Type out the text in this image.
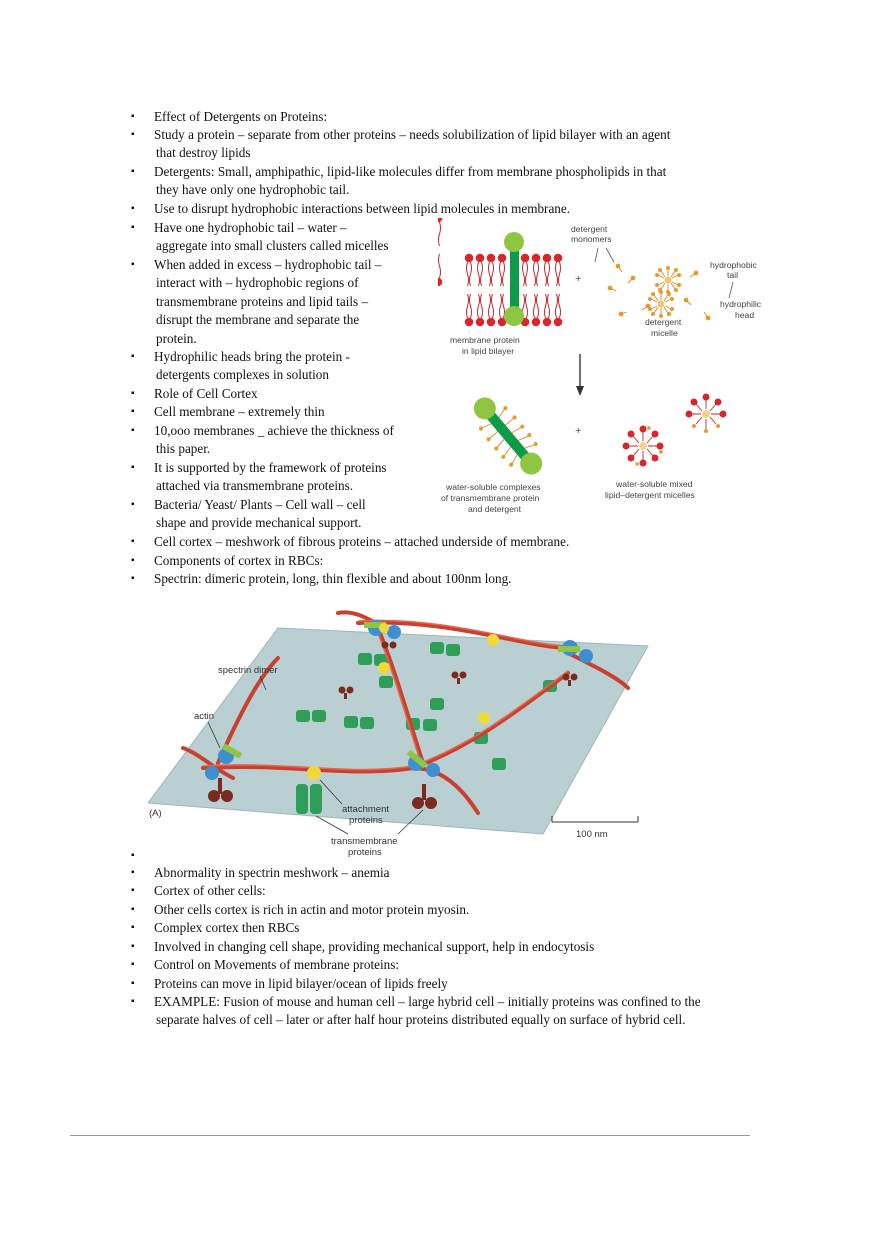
▪	Effect of Detergents on Proteins:
▪	Study a protein – separate from other proteins – needs solubilization of lipid bilayer with an agent
that destroy lipids
▪	Detergents: Small, amphipathic, lipid-like molecules differ from membrane phospholipids in that
they have only one hydrophobic tail.
▪	Use to disrupt hydrophobic interactions between lipid molecules in membrane.
▪	Have one hydrophobic tail – water –
aggregate into small clusters called micelles
▪	When added in excess – hydrophobic tail –
interact with – hydrophobic regions of
transmembrane proteins and lipid tails –
disrupt the membrane and separate the
protein.
▪	Hydrophilic heads bring the protein -
detergents complexes in solution
▪	Role of Cell Cortex
▪	Cell membrane – extremely thin
▪	10,ooo membranes _ achieve the thickness of
this paper.
▪	It is supported by the framework of proteins
attached via transmembrane proteins.
▪	Bacteria/ Yeast/ Plants – Cell wall – cell
shape and provide mechanical support.
▪	Cell cortex – meshwork of fibrous proteins – attached underside of membrane.
▪	Components of cortex in RBCs:
▪	Spectrin: dimeric protein, long, thin flexible and about 100nm long.
membrane protein
in lipid bilayer
+
detergent
monomers
detergent
micelle
hydrophobic
tail
hydrophilic
head
water-soluble complexes
of transmembrane protein
and detergent
+
water-soluble mixed
lipid–detergent micelles
spectrin dimer
actin
(A)	attachment
proteins
transmembrane
proteins
100 nm
▪
▪	Abnormality in spectrin meshwork – anemia
▪	Cortex of other cells:
▪	Other cells cortex is rich in actin and motor protein myosin.
▪	Complex cortex then RBCs
▪	Involved in changing cell shape, providing mechanical support, help in endocytosis
▪	Control on Movements of membrane proteins:
▪	Proteins can move in lipid bilayer/ocean of lipids freely
▪	EXAMPLE: Fusion of mouse and human cell – large hybrid cell – initially proteins was confined to the
separate halves of cell – later or after half hour proteins distributed equally on surface of hybrid cell.
